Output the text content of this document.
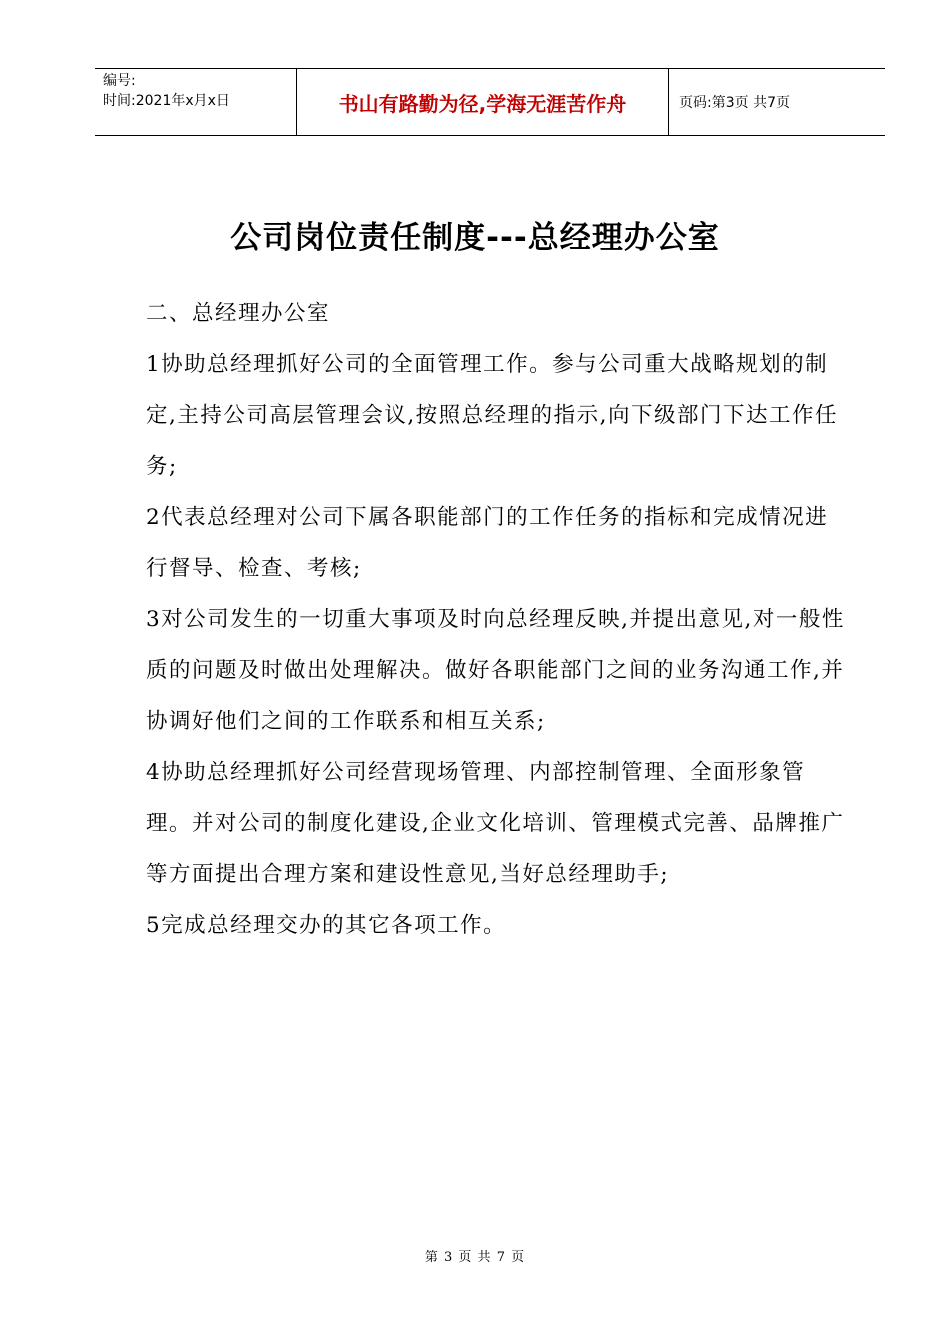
编号:
时间:2021年x月x日	书山有路勤为径,学海无涯苦作舟	页码:第3页 共7页
公司岗位责任制度---总经理办公室

二、总经理办公室

1协助总经理抓好公司的全面管理工作。参与公司重大战略规划的制定,主持公司高层管理会议,按照总经理的指示,向下级部门下达工作任务;

2代表总经理对公司下属各职能部门的工作任务的指标和完成情况进行督导、检查、考核;

3对公司发生的一切重大事项及时向总经理反映,并提出意见,对一般性质的问题及时做出处理解决。做好各职能部门之间的业务沟通工作,并协调好他们之间的工作联系和相互关系;

4协助总经理抓好公司经营现场管理、内部控制管理、全面形象管理。并对公司的制度化建设,企业文化培训、管理模式完善、品牌推广等方面提出合理方案和建设性意见,当好总经理助手;

5完成总经理交办的其它各项工作。

第 3 页 共 7 页
